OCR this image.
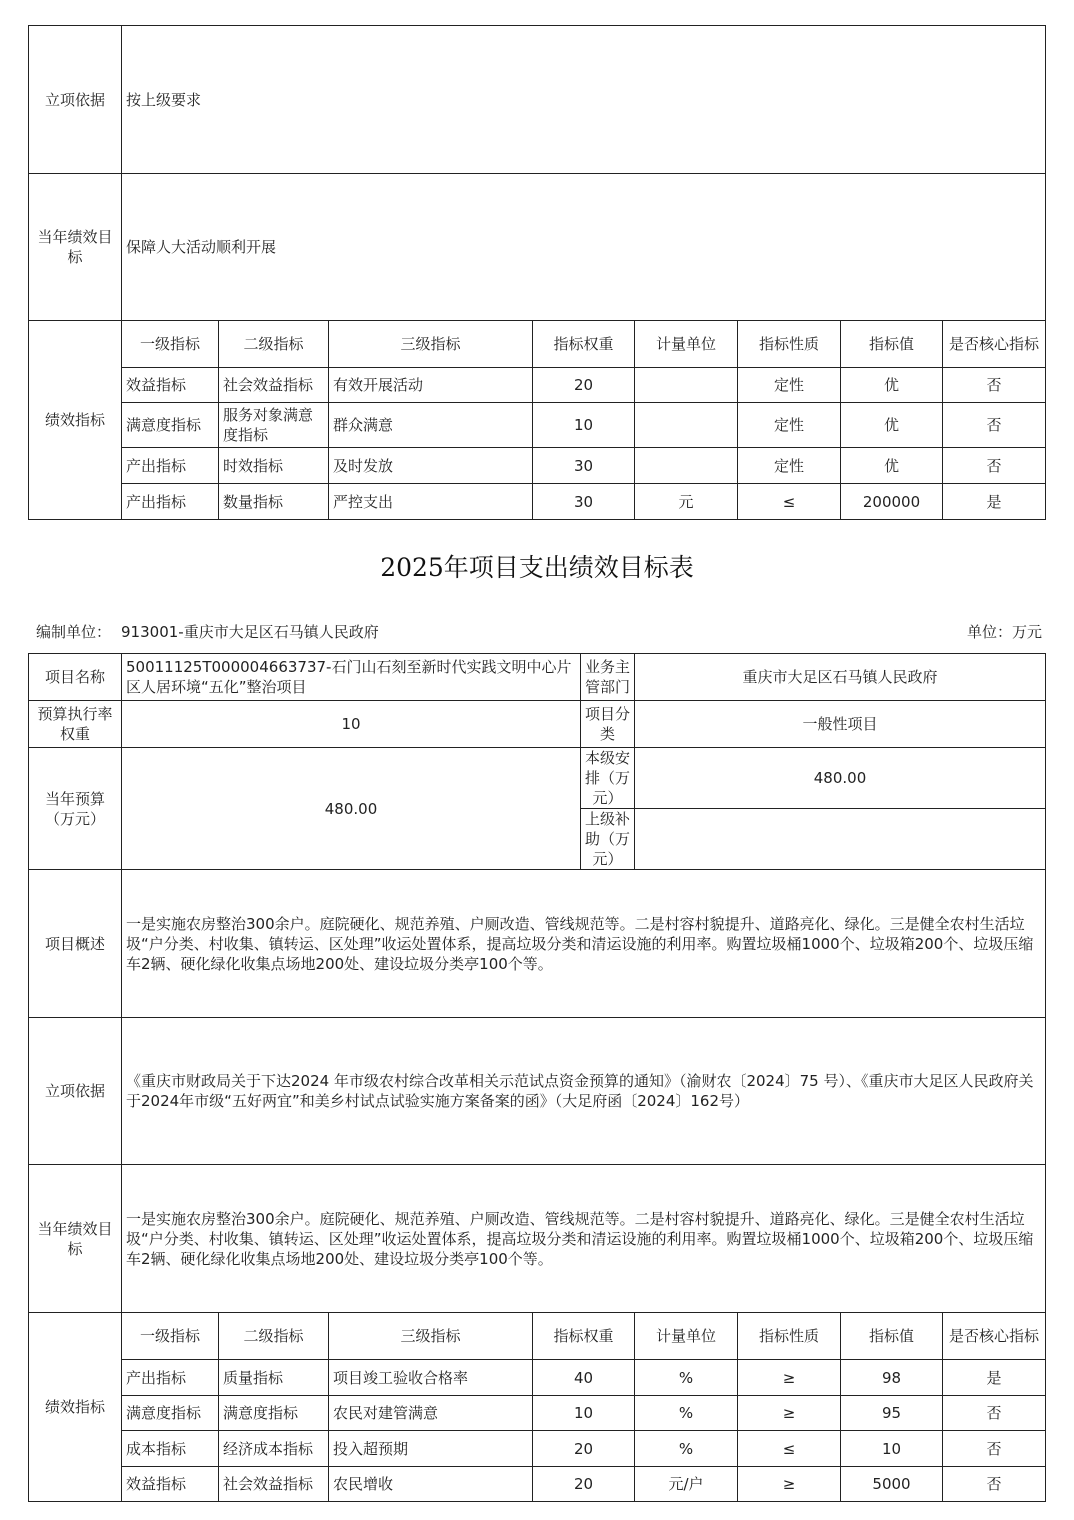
立项依据	按上级要求							
当年绩效目标	保障人大活动顺利开展							
绩效指标	一级指标	二级指标	三级指标	指标权重	计量单位	指标性质	指标值	是否核心指标
	效益指标	社会效益指标	有效开展活动	20		定性	优	否
	满意度指标	服务对象满意度指标	群众满意	10		定性	优	否
	产出指标	时效指标	及时发放	30		定性	优	否
	产出指标	数量指标	严控支出	30	元	≤	200000	是
2025年项目支出绩效目标表
编制单位： 913001-重庆市大足区石马镇人民政府	单位：万元
项目名称	50011125T000004663737-石门山石刻至新时代实践文明中心片区人居环境“五化”整治项目				业务主管部门	重庆市大足区石马镇人民政府			
预算执行率权重	10				项目分类	一般性项目			
当年预算（万元）	480.00				本级安排（万元）	480.00			
					上级补助（万元）				
项目概述	一是实施农房整治300余户。庭院硬化、规范养殖、户厕改造、管线规范等。二是村容村貌提升、道路亮化、绿化。三是健全农村生活垃圾“户分类、村收集、镇转运、区处理”收运处置体系，提高垃圾分类和清运设施的利用率。购置垃圾桶1000个、垃圾箱200个、垃圾压缩车2辆、硬化绿化收集点场地200处、建设垃圾分类亭100个等。								
立项依据	《重庆市财政局关于下达2024 年市级农村综合改革相关示范试点资金预算的通知》（渝财农〔2024〕75 号）、《重庆市大足区人民政府关于2024年市级“五好两宜”和美乡村试点试验实施方案备案的函》（大足府函〔2024〕162号）								
当年绩效目标	一是实施农房整治300余户。庭院硬化、规范养殖、户厕改造、管线规范等。二是村容村貌提升、道路亮化、绿化。三是健全农村生活垃圾“户分类、村收集、镇转运、区处理”收运处置体系，提高垃圾分类和清运设施的利用率。购置垃圾桶1000个、垃圾箱200个、垃圾压缩车2辆、硬化绿化收集点场地200处、建设垃圾分类亭100个等。								
绩效指标	一级指标	二级指标	三级指标	指标权重		计量单位	指标性质	指标值	是否核心指标
	产出指标	质量指标	项目竣工验收合格率	40		%	≥	98	是
	满意度指标	满意度指标	农民对建管满意	10		%	≥	95	否
	成本指标	经济成本指标	投入超预期	20		%	≤	10	否
	效益指标	社会效益指标	农民增收	20		元/户	≥	5000	否
